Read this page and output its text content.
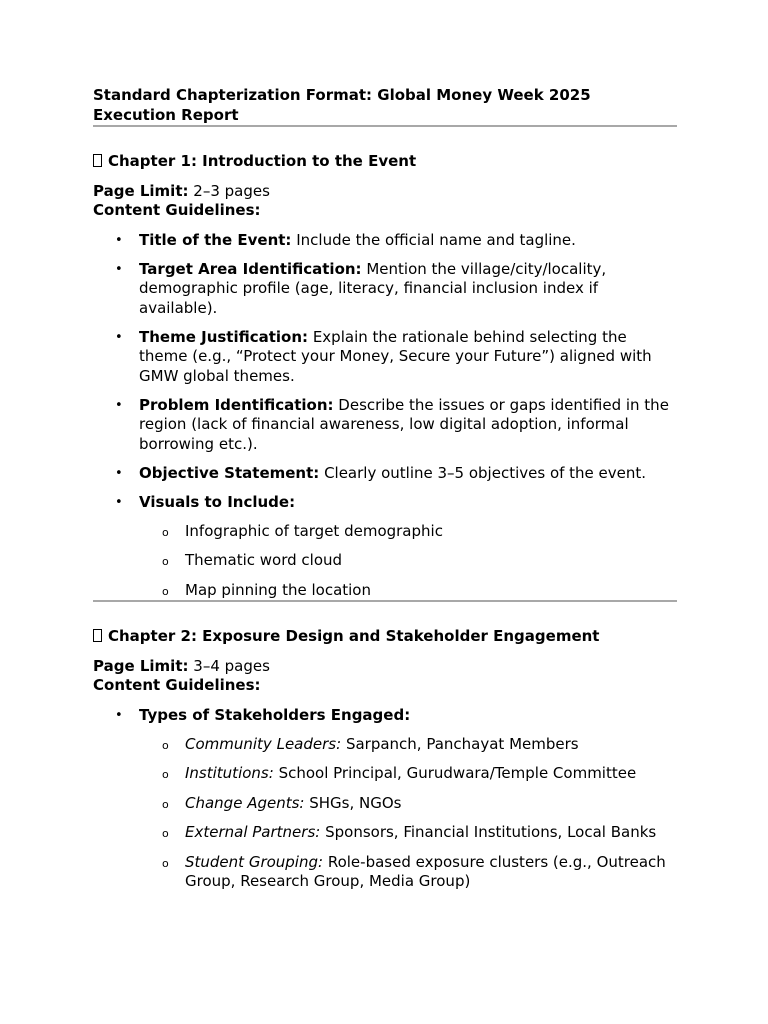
Standard Chapterization Format: Global Money Week 2025
Execution Report

Chapter 1: Introduction to the Event

Page Limit: 2–3 pages

Content Guidelines:

• Title of the Event: Include the official name and tagline.
• Target Area Identification: Mention the village/city/locality, demographic profile (age, literacy, financial inclusion index if available).
• Theme Justification: Explain the rationale behind selecting the theme (e.g., “Protect your Money, Secure your Future”) aligned with GMW global themes.
• Problem Identification: Describe the issues or gaps identified in the region (lack of financial awareness, low digital adoption, informal borrowing etc.).
• Objective Statement: Clearly outline 3–5 objectives of the event.
• Visuals to Include:
o Infographic of target demographic
o Thematic word cloud
o Map pinning the location

Chapter 2: Exposure Design and Stakeholder Engagement

Page Limit: 3–4 pages

Content Guidelines:

• Types of Stakeholders Engaged:
o Community Leaders: Sarpanch, Panchayat Members
o Institutions: School Principal, Gurudwara/Temple Committee
o Change Agents: SHGs, NGOs
o External Partners: Sponsors, Financial Institutions, Local Banks
o Student Grouping: Role-based exposure clusters (e.g., Outreach Group, Research Group, Media Group)
